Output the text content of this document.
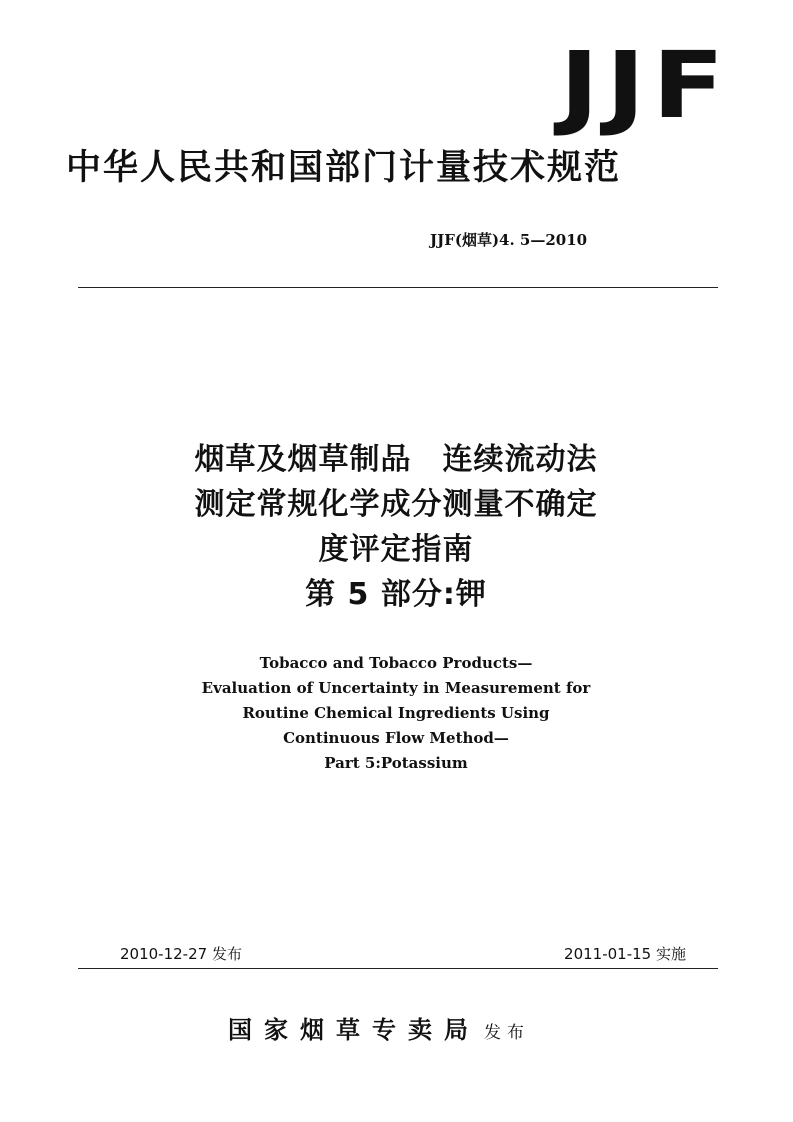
JJF
中华人民共和国部门计量技术规范
JJF(烟草)4. 5—2010
烟草及烟草制品　连续流动法
测定常规化学成分测量不确定
度评定指南
第 5 部分:钾
Tobacco and Tobacco Products—
Evaluation of Uncertainty in Measurement for
Routine Chemical Ingredients Using
Continuous Flow Method—
Part 5:Potassium
2010-12-27 发布	2011-01-15 实施
国家烟草专卖局 发布
